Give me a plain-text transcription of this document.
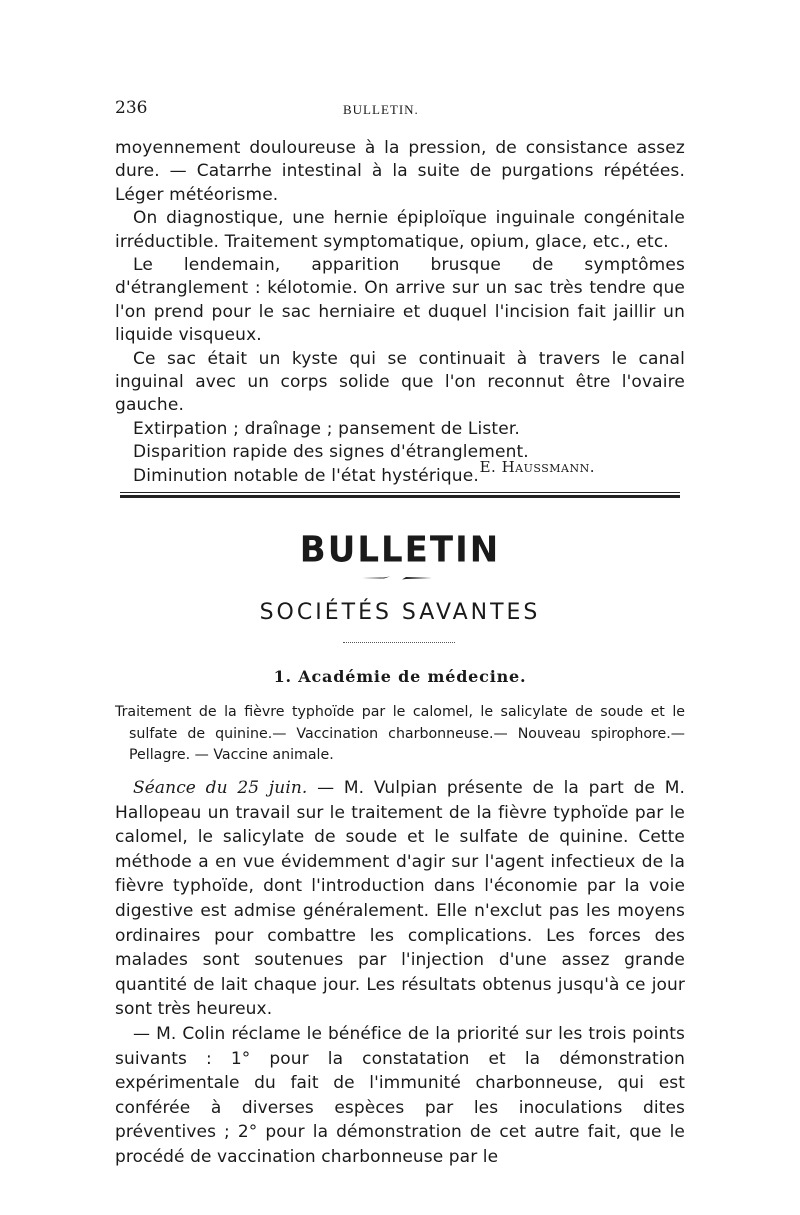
236	BULLETIN.

moyennement douloureuse à la pression, de consistance assez dure. — Catarrhe intestinal à la suite de purgations répétées. Léger météorisme.

On diagnostique, une hernie épiploïque inguinale congénitale irréductible. Traitement symptomatique, opium, glace, etc., etc.

Le lendemain, apparition brusque de symptômes d'étranglement : kélotomie. On arrive sur un sac très tendre que l'on prend pour le sac herniaire et duquel l'incision fait jaillir un liquide visqueux.

Ce sac était un kyste qui se continuait à travers le canal inguinal avec un corps solide que l'on reconnut être l'ovaire gauche.

Extirpation ; draînage ; pansement de Lister.

Disparition rapide des signes d'étranglement.

Diminution notable de l'état hystérique. E. Haussmann.
BULLETIN
SOCIÉTÉS SAVANTES
1. Académie de médecine.

Traitement de la fièvre typhoïde par le calomel, le salicylate de soude et le sulfate de quinine.— Vaccination charbonneuse.— Nouveau spirophore.— Pellagre. — Vaccine animale.

Séance du 25 juin. — M. Vulpian présente de la part de M. Hallopeau un travail sur le traitement de la fièvre typhoïde par le calomel, le salicylate de soude et le sulfate de quinine. Cette méthode a en vue évidemment d'agir sur l'agent infectieux de la fièvre typhoïde, dont l'introduction dans l'économie par la voie digestive est admise généralement. Elle n'exclut pas les moyens ordinaires pour combattre les complications. Les forces des malades sont soutenues par l'injection d'une assez grande quantité de lait chaque jour. Les résultats obtenus jusqu'à ce jour sont très heureux.

— M. Colin réclame le bénéfice de la priorité sur les trois points suivants : 1° pour la constatation et la démonstration expérimentale du fait de l'immunité charbonneuse, qui est conférée à diverses espèces par les inoculations dites préventives ; 2° pour la démonstration de cet autre fait, que le procédé de vaccination charbonneuse par le
